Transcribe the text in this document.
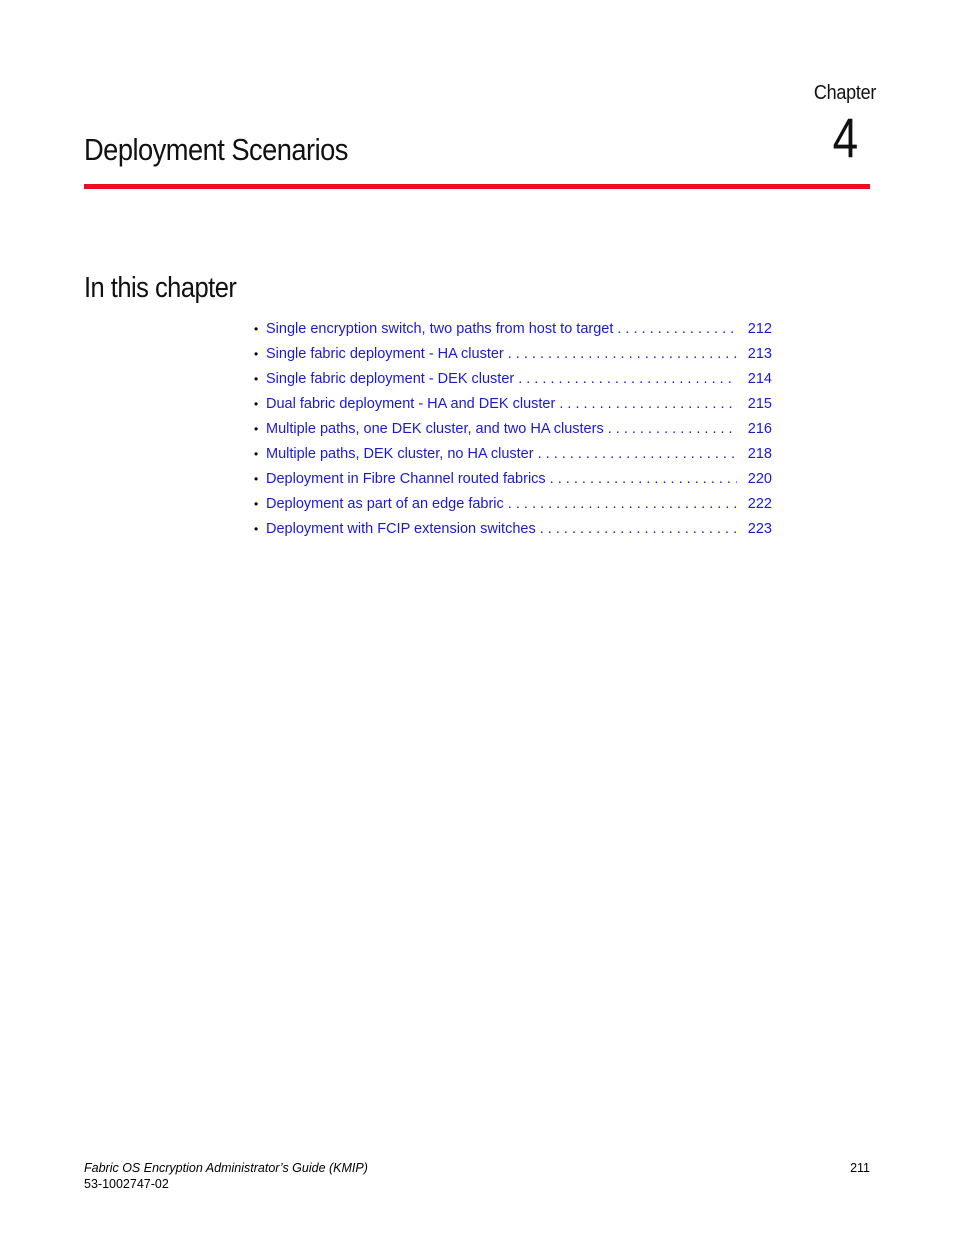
Chapter
4
Deployment Scenarios
In this chapter
• Single encryption switch, two paths from host to target . . .	212
• Single fabric deployment - HA cluster . . .	213
• Single fabric deployment - DEK cluster . . .	214
• Dual fabric deployment - HA and DEK cluster . . .	215
• Multiple paths, one DEK cluster, and two HA clusters . . .	216
• Multiple paths, DEK cluster, no HA cluster . . .	218
• Deployment in Fibre Channel routed fabrics . . .	220
• Deployment as part of an edge fabric . . .	222
• Deployment with FCIP extension switches . . .	223
Fabric OS Encryption Administrator’s Guide (KMIP)
53-1002747-02
211
